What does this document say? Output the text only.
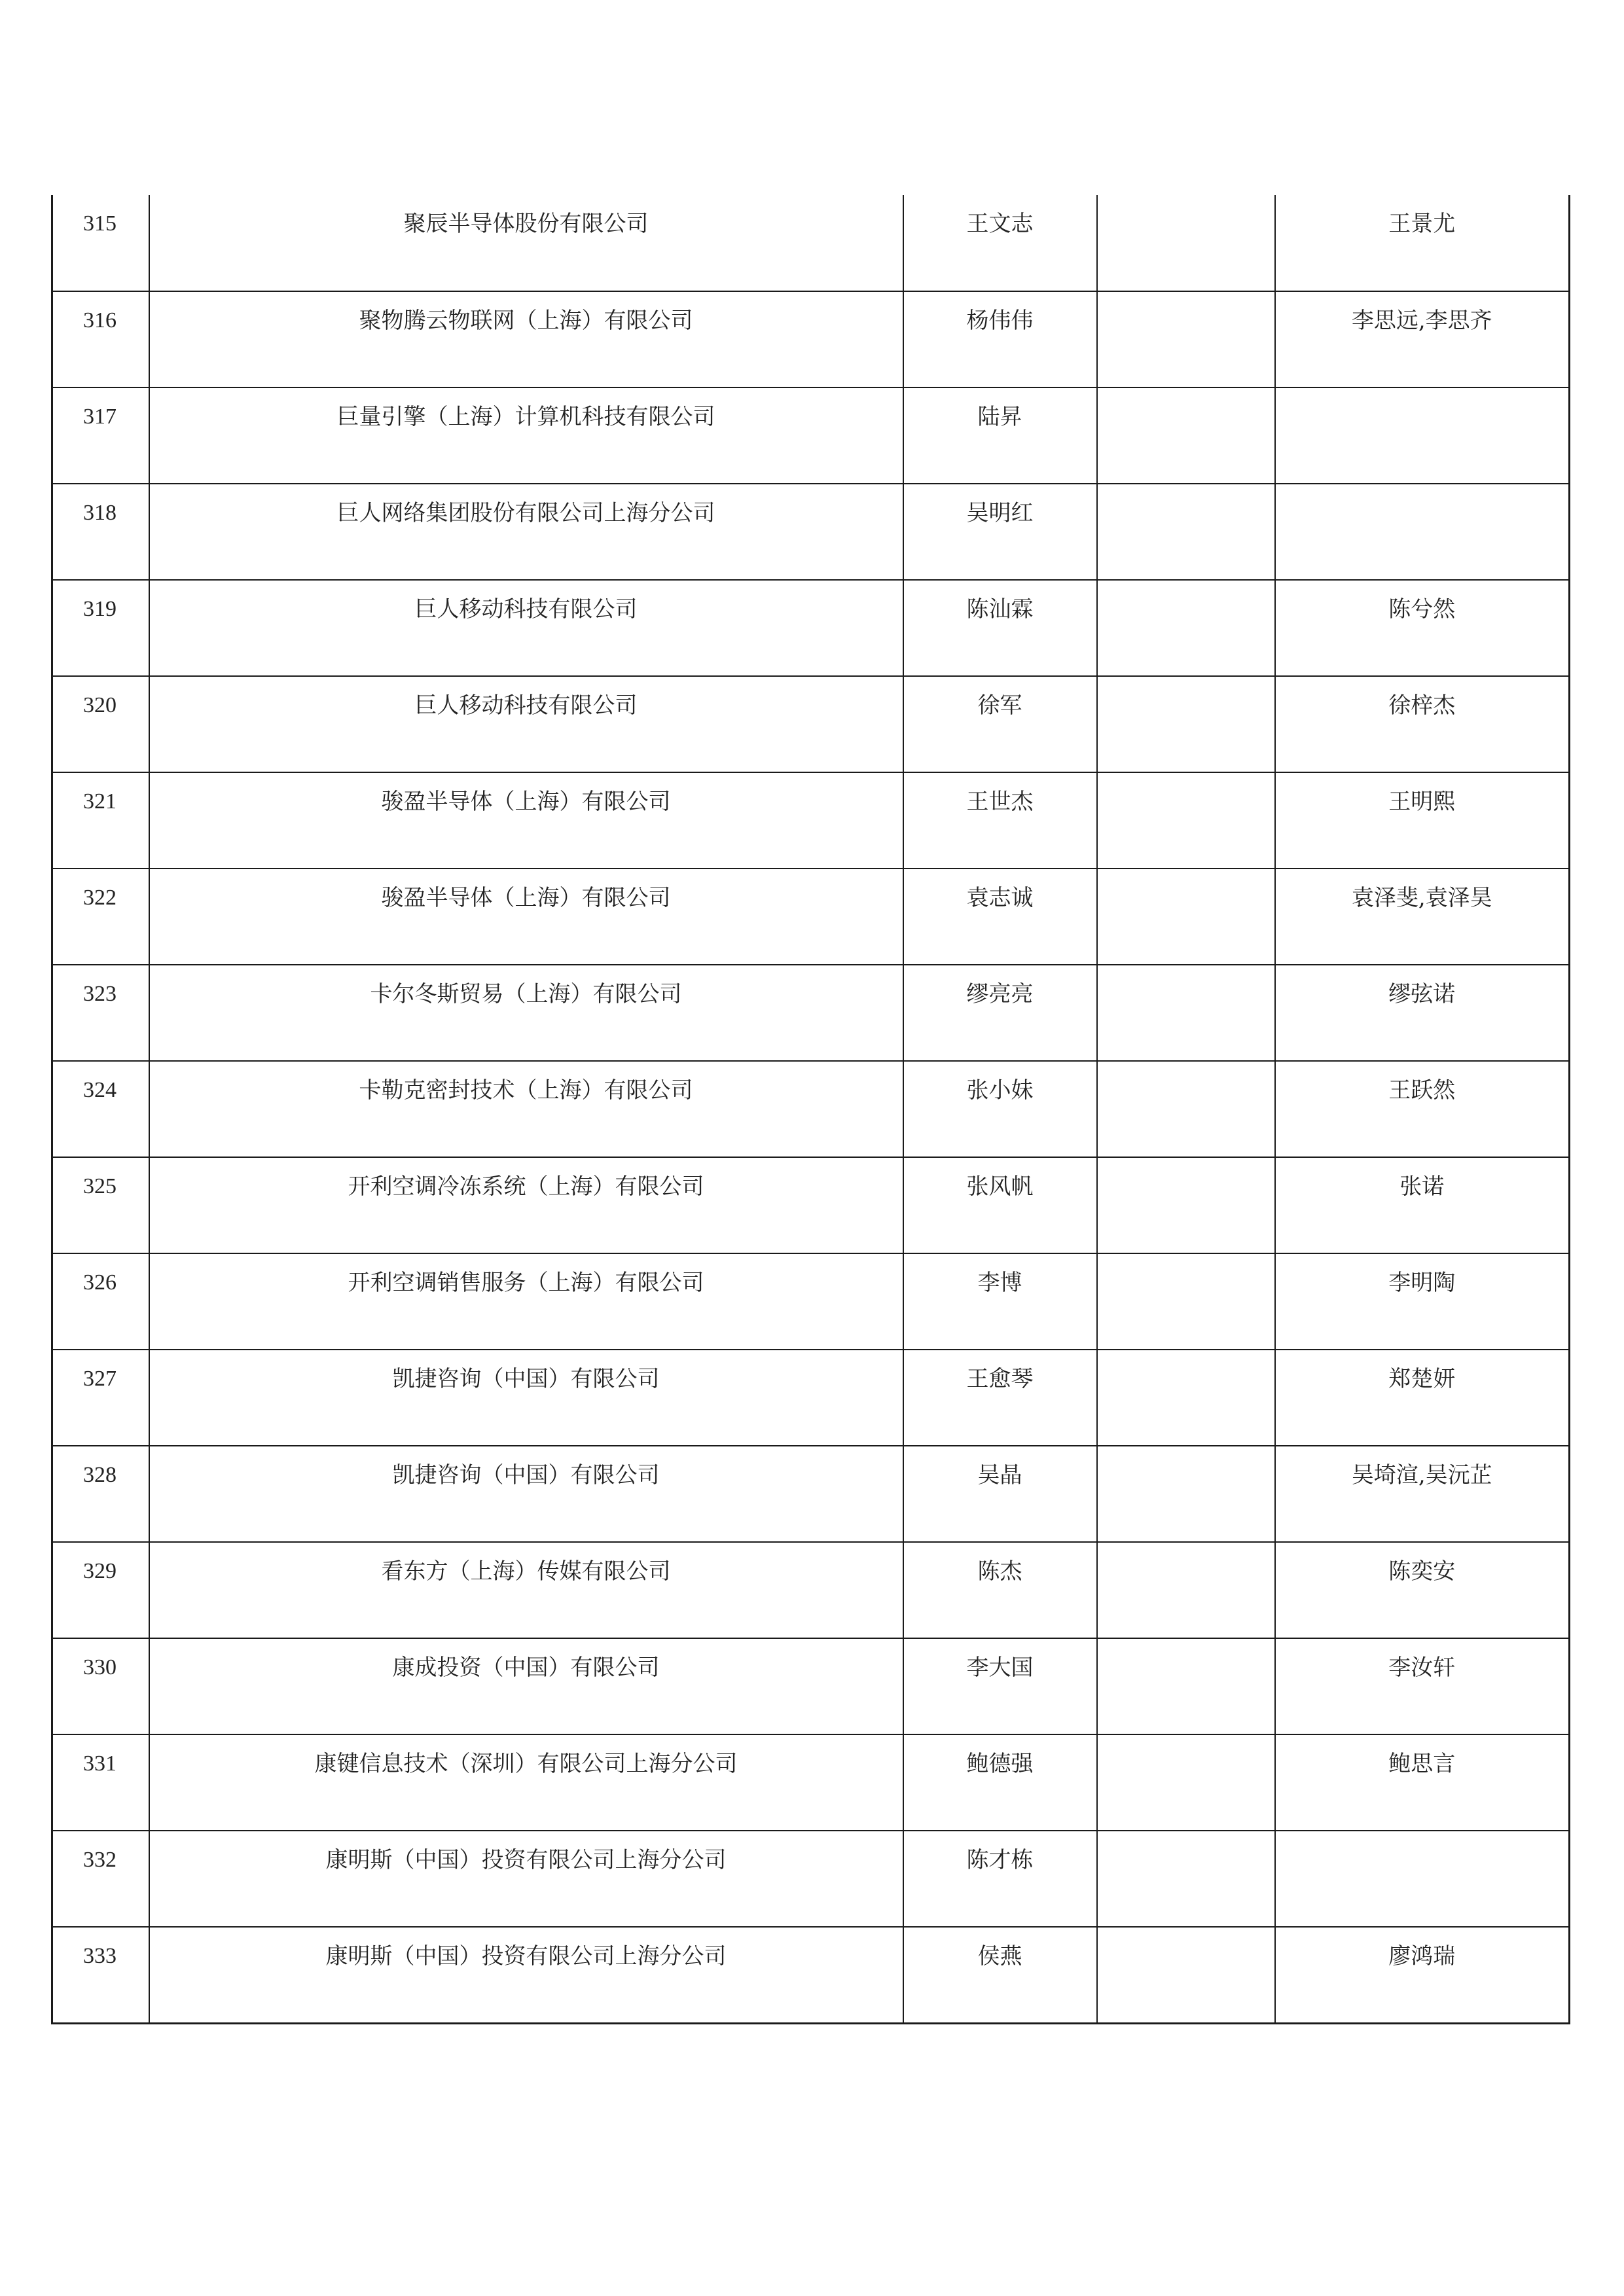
315	聚辰半导体股份有限公司	王文志		王景尤
316	聚物腾云物联网（上海）有限公司	杨伟伟		李思远,李思齐
317	巨量引擎（上海）计算机科技有限公司	陆昇		
318	巨人网络集团股份有限公司上海分公司	吴明红		
319	巨人移动科技有限公司	陈汕霖		陈兮然
320	巨人移动科技有限公司	徐军		徐梓杰
321	骏盈半导体（上海）有限公司	王世杰		王明熙
322	骏盈半导体（上海）有限公司	袁志诚		袁泽斐,袁泽昊
323	卡尔冬斯贸易（上海）有限公司	缪亮亮		缪弦诺
324	卡勒克密封技术（上海）有限公司	张小妹		王跃然
325	开利空调冷冻系统（上海）有限公司	张风帆		张诺
326	开利空调销售服务（上海）有限公司	李博		李明陶
327	凯捷咨询（中国）有限公司	王愈琴		郑楚妍
328	凯捷咨询（中国）有限公司	吴晶		吴埼渲,吴沅芷
329	看东方（上海）传媒有限公司	陈杰		陈奕安
330	康成投资（中国）有限公司	李大国		李汝轩
331	康键信息技术（深圳）有限公司上海分公司	鲍德强		鲍思言
332	康明斯（中国）投资有限公司上海分公司	陈才栋		
333	康明斯（中国）投资有限公司上海分公司	侯燕		廖鸿瑞
